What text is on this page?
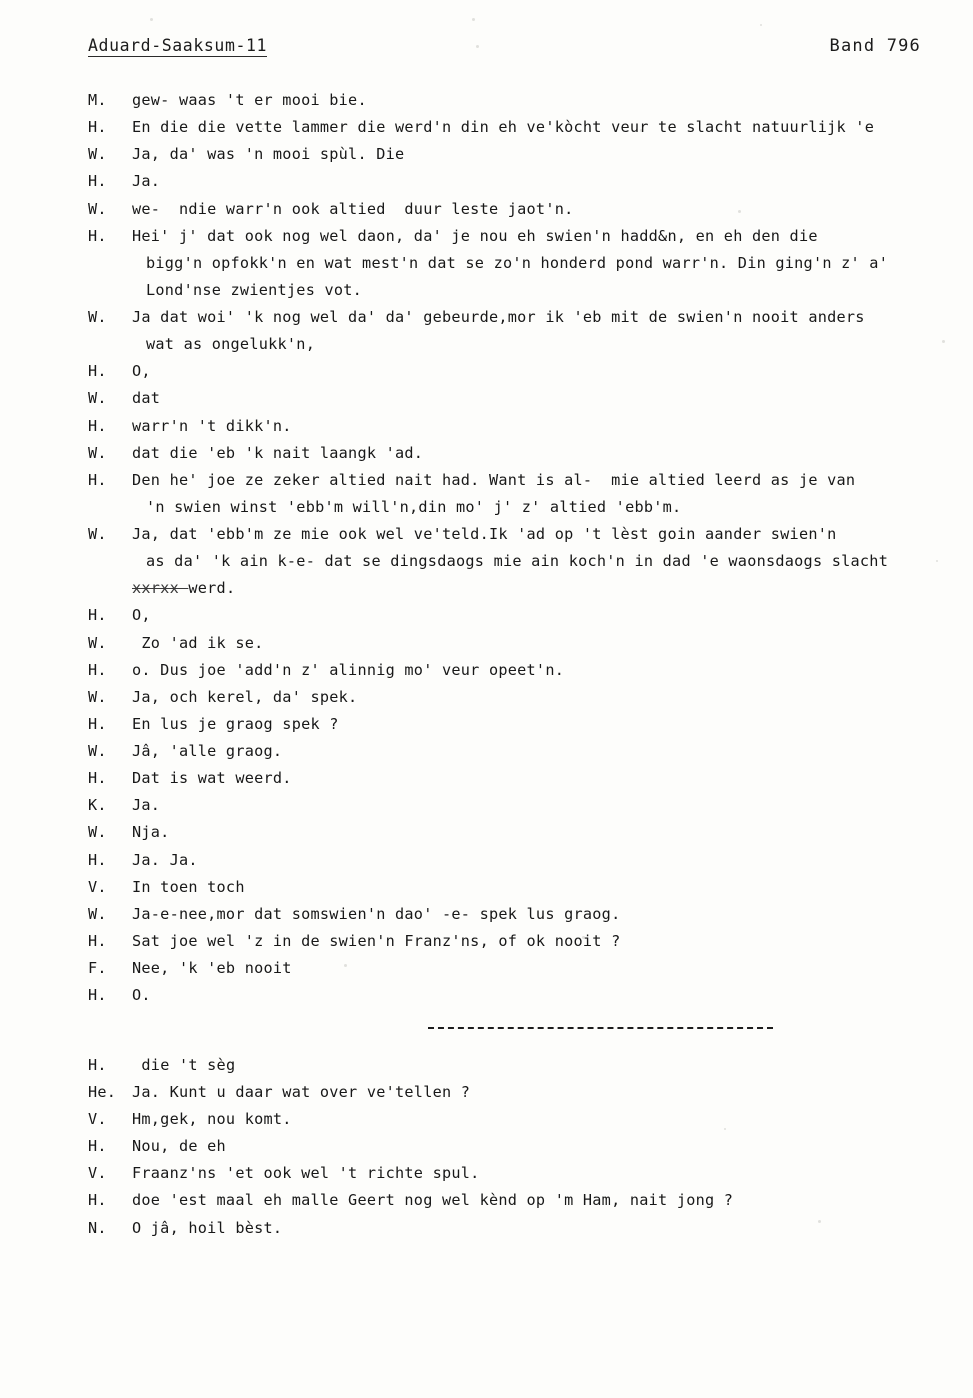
Aduard-Saaksum-11	Band 796
M.	gew- waas 't er mooi bie.
H.	En die die vette lammer die werd'n din eh ve'kòcht veur te slacht natuurlijk 'e
W.	Ja, da' was 'n mooi spùl. Die
H.	Ja.
W.	we-  ndie warr'n ook altied  duur leste jaot'n.
H.	Hei' j' dat ook nog wel daon, da' je nou eh swien'n hadd&n, en eh den die
bigg'n opfokk'n en wat mest'n dat se zo'n honderd pond warr'n. Din ging'n z' a'
Lond'nse zwientjes vot.
W.	Ja dat woi' 'k nog wel da' da' gebeurde,mor ik 'eb mit de swien'n nooit anders
wat as ongelukk'n,
H.	O,
W.	dat
H.	warr'n 't dikk'n.
W.	dat die 'eb 'k nait laangk 'ad.
H.	Den he' joe ze zeker altied nait had. Want is al-  mie altied leerd as je van
'n swien winst 'ebb'm will'n,din mo' j' z' altied 'ebb'm.
W.	Ja, dat 'ebb'm ze mie ook wel ve'teld.Ik 'ad op 't lèst goin aander swien'n
as da' 'k ain k-e- dat se dingsdaogs mie ain koch'n in dad 'e waonsdaogs slacht
xxrxx werd.
H.	O,
W.	Zo 'ad ik se.
H.	o. Dus joe 'add'n z' alinnig mo' veur opeet'n.
W.	Ja, och kerel, da' spek.
H.	En lus je graog spek ?
W.	Jâ, 'alle graog.
H.	Dat is wat weerd.
K.	Ja.
W.	Nja.
H.	Ja. Ja.
V.	In toen toch
W.	Ja-e-nee,mor dat somswien'n dao' -e- spek lus graog.
H.	Sat joe wel 'z in de swien'n Franz'ns, of ok nooit ?
F.	Nee, 'k 'eb nooit
H.	O.
H.	die 't sèg
He.	Ja. Kunt u daar wat over ve'tellen ?
V.	Hm,gek, nou komt.
H.	Nou, de eh
V.	Fraanz'ns 'et ook wel 't richte spul.
H.	doe 'est maal eh malle Geert nog wel kènd op 'm Ham, nait jong ?
N.	O jâ, hoil bèst.
